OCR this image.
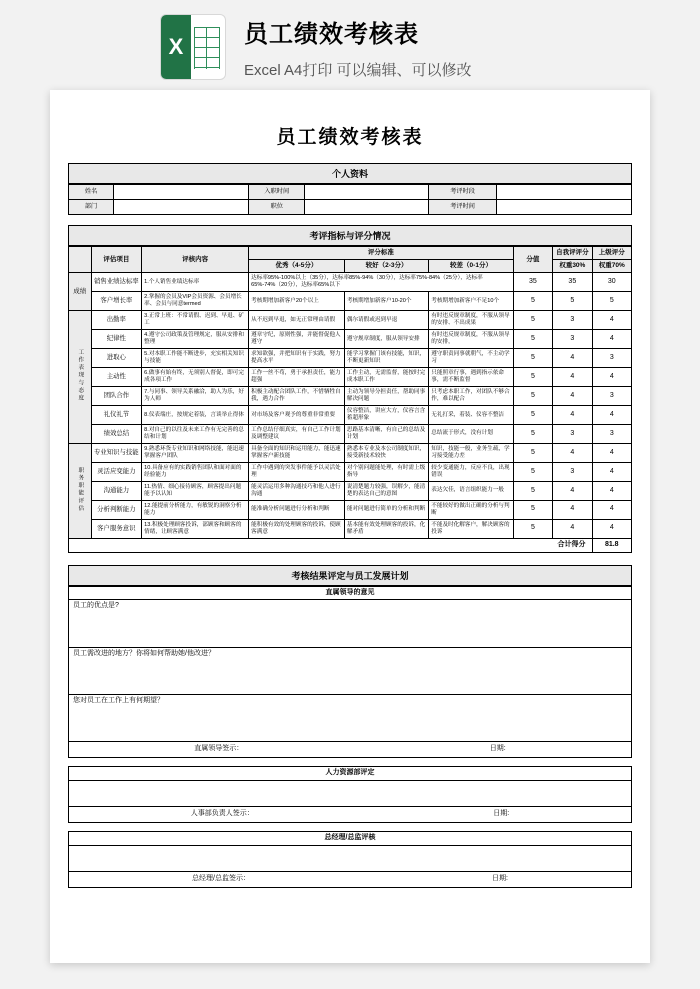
X	员工绩效考核表
Excel A4打印 可以编辑、可以修改
员工绩效考核表
个人资料
姓名		入职时间		考评时段	
部门		职位		考评时间	
考评指标与评分情况
	评估项目	评核内容	评分标准			分值	自我评评分	上级评分
			优秀（4-5分）	较好（2-3分）	较差（0-1分）		权重30%	权重70%
成绩	销售业绩达标率	1.个人销售业绩达标率	达标率95%-100%以上（35分），达标率85%-94%（30分），达标率75%-84%（25分），达标率65%-74%（20分），达标率65%以下			35	35	30
	客户增长率	2.掌握的会员及VIP会员资源、会员增长率、会员与同意termed	考核期增加新客户20个以上	考核期增加新客户10-20个	考核期增加新客户不足10个	5	5	5
工作表现与态度	出勤率	3.正常上班：不常请假、迟到、早退、矿工	从不迟到早退，如无正常理由请假	偶尔请假或迟到早退	有时违反规章制度，不服从领导的安排、不出成果	5	3	4
	纪律性	4.遵守公司政策及管理规定，服从安排和整理	遵章守纪，原则性强，并能督促他人遵守	遵守规章制度，服从领导安排	有时违反规章制度，不服从领导的安排，	5	3	4
	进取心	5.对本职工作能不断进步，充实相关知识与技能	求知欲强，并把知识有于实践，努力提高水平	能学习掌握门该有技能，知识，不断更新知识	遵守职责同事就朝气，不主动学习	5	4	3
	主动性	6.做事有始有终，无须别人督促，即可完成各项工作	工作一丝不苟，勇于承担责任，能力超强	工作主动，无需监督，能按时完成本职工作	只能照章行事，遇到指示依命事，需不断监督	5	4	4
	团队合作	7.与同事、领导关系融洽，助人为乐，好为人师	积极主动配合团队工作，不惜牺牲自我，遇力合作	主动为领导分担责任，帮助同事解决问题	只考虑本职工作，对团队不够合作，难以配合	5	4	3
	礼仪礼节	8.仪表端庄，按规定着装，言谈举止得体	对市场及客户观予的尊重非常重要	仪容整洁，讲应大方，仪容言含蓄超形象	无礼打采，着装、仪容不整洁	5	4	4
	绩效总结	8.对自己的以往及未来工作有无完善的总结和计划	工作总结仔细真实，有自己工作计划及调整建议	思路基本清晰，有自己的总结及计划	总结流于形式，没有计划	5	3	3
职务职能评估	专业知识与技能	9.熟悉环货专业知识和网络技能，能迅速掌握客户团队	具备全面的知识和运用能力，能迅速掌握客户新技能	熟悉本专业及本公司制度知识，接受新技术较快	知识，技能一般，业务生疏，学习接受能力差	5	4	4
	灵活应变能力	10.具备应有的实践销售团队和面对面的经验能力	工作中遇到的突发事件能予以灵活处理	对个别问题能处理，有时需上级指导	较少变通能力，反应不良，出现错误	5	3	4
	沟通能力	11.热情、细心接待顾客，顾客提出问题能予以认知	能灵活运用多种沟通技巧和他人进行沟通	说清楚题力较强，误解少，能清楚的表达自己的意图	表达欠佳，语言组织能力一般	5	4	4
	分析判断能力	12.能提前分析能力，有敏锐的洞察分析能力	能准确分析问题进行分析和判断	能对问题进行简单的分析和判断	不能较好的做出正确的分析与判断	5	4	4
	客户服务意识	13.积极处理顾客投诉，部顾客和顾客的情绪，让顾客满意	能积极有效的处理顾客的投诉，使顾客满意	基本能有效处理顾客的投诉，化解矛盾	不能及时化解客户，解决顾客的投诉	5	4	4
合计得分								81.8
考核结果评定与员工发展计划
直属领导的意见
员工的优点是?

员工需改进的地方？你将如何帮助她/他改进？

您对员工在工作上有何期望？

直属领导签示：	日期:
人力资源部评定

人事部负责人签示：	日期:
总经理/总监评核

总经理/总监签示：	日期:
